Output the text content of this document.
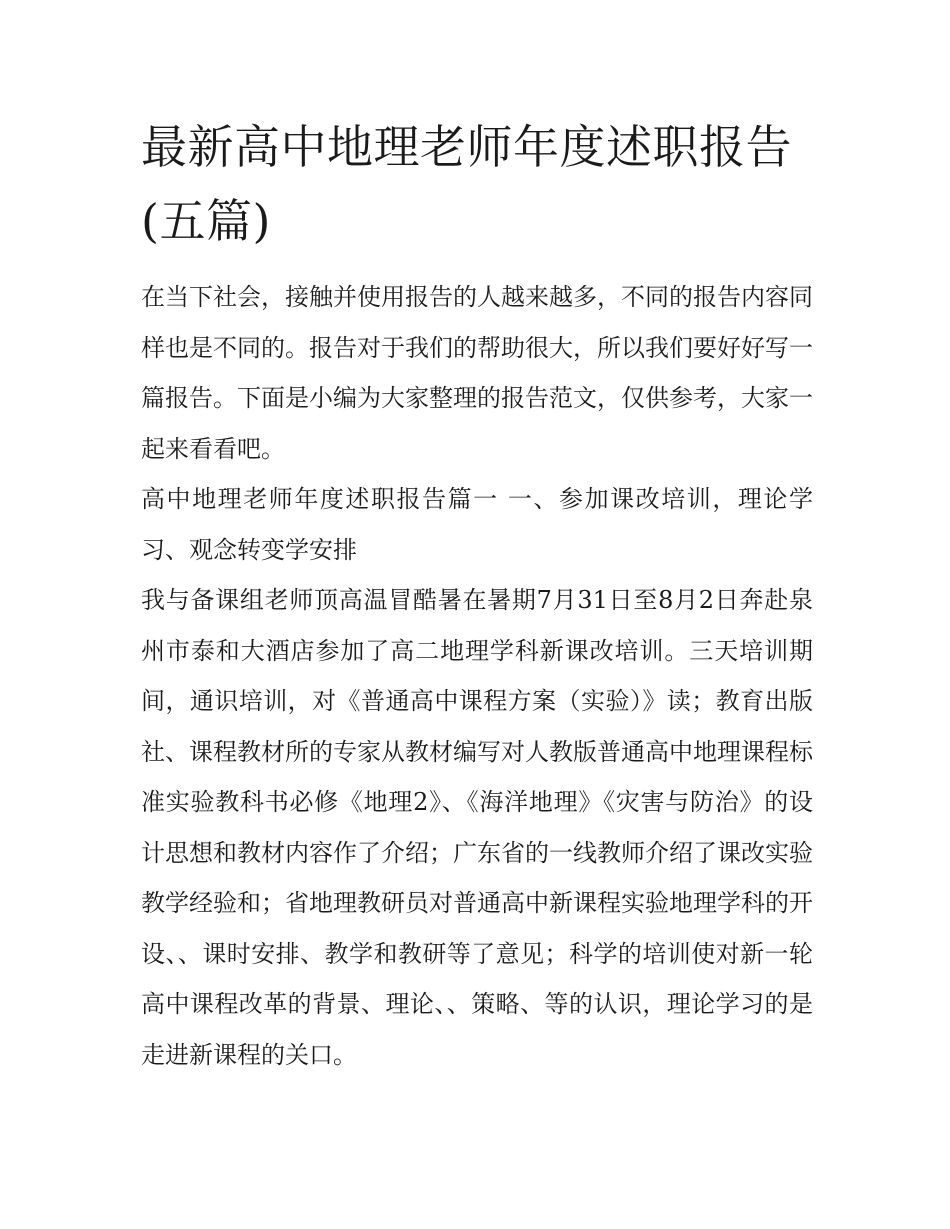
最新高中地理老师年度述职报告(五篇)

在当下社会，接触并使用报告的人越来越多，不同的报告内容同样也是不同的。报告对于我们的帮助很大，所以我们要好好写一篇报告。下面是小编为大家整理的报告范文，仅供参考，大家一起来看看吧。

高中地理老师年度述职报告篇一 一、参加课改培训，理论学习、观念转变学安排

我与备课组老师顶高温冒酷暑在暑期7月31日至8月2日奔赴泉州市泰和大酒店参加了高二地理学科新课改培训。三天培训期间，通识培训，对《普通高中课程方案（实验）》读；教育出版社、课程教材所的专家从教材编写对人教版普通高中地理课程标准实验教科书必修《地理2》、《海洋地理》《灾害与防治》的设计思想和教材内容作了介绍；广东省的一线教师介绍了课改实验教学经验和；省地理教研员对普通高中新课程实验地理学科的开设、、课时安排、教学和教研等了意见；科学的培训使对新一轮高中课程改革的背景、理论、、策略、等的认识，理论学习的是走进新课程的关口。
